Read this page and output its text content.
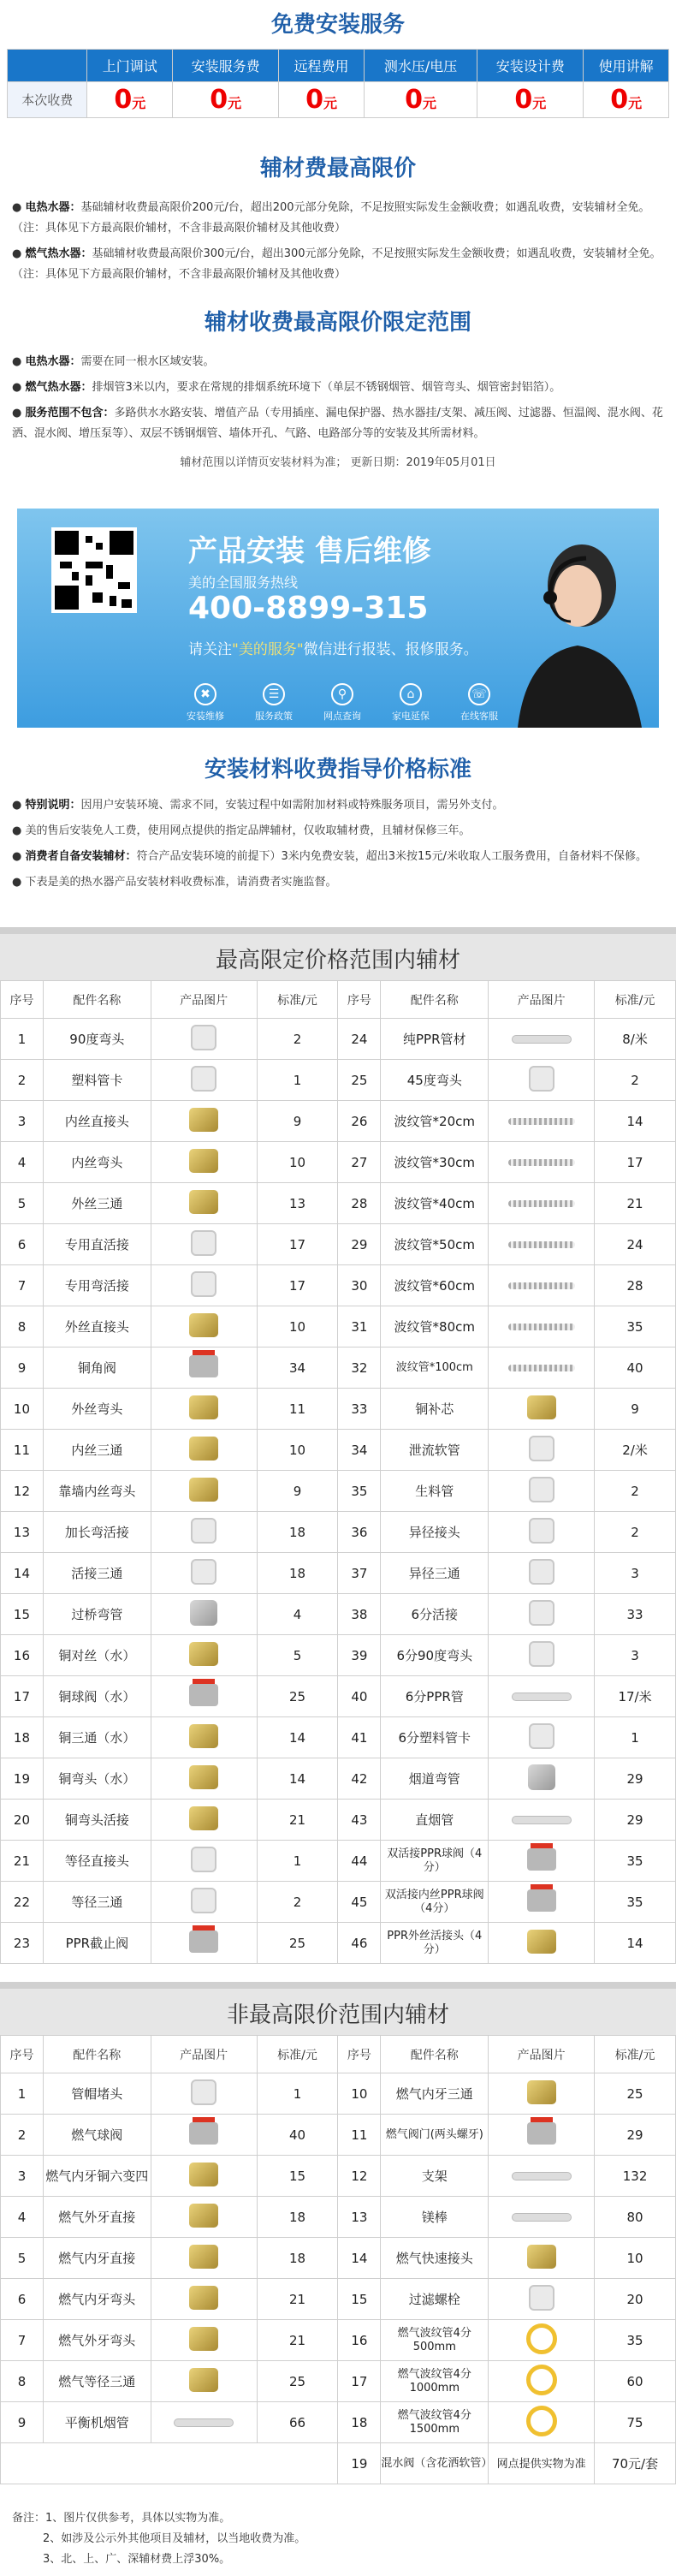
免费安装服务
	上门调试	安装服务费	远程费用	测水压/电压	安装设计费	使用讲解
本次收费	0元	0元	0元	0元	0元	0元
辅材费最高限价

● 电热水器：基础辅材收费最高限价200元/台，超出200元部分免除，不足按照实际发生金额收费；如遇乱收费，安装辅材全免。（注：具体见下方最高限价辅材，不含非最高限价辅材及其他收费）

● 燃气热水器：基础辅材收费最高限价300元/台，超出300元部分免除，不足按照实际发生金额收费；如遇乱收费，安装辅材全免。（注：具体见下方最高限价辅材，不含非最高限价辅材及其他收费）

辅材收费最高限价限定范围

● 电热水器：需要在同一根水区域安装。

● 燃气热水器：排烟管3米以内，要求在常规的排烟系统环境下（单层不锈钢烟管、烟管弯头、烟管密封铝箔）。

● 服务范围不包含：多路供水水路安装、增值产品（专用插座、漏电保护器、热水器挂/支架、减压阀、过滤器、恒温阀、混水阀、花洒、混水阀、增压泵等）、双层不锈钢烟管、墙体开孔、气路、电路部分等的安装及其所需材料。

辅材范围以详情页安装材料为准； 更新日期：2019年05月01日
产品安装 售后维修
美的全国服务热线
400-8899-315
请关注"美的服务"微信进行报装、报修服务。
✖
安装维修
☰
服务政策
⚲
网点查询
⌂
家电延保
☏
在线客服
安装材料收费指导价格标准

● 特别说明：因用户安装环境、需求不同，安装过程中如需附加材料或特殊服务项目，需另外支付。

● 美的售后安装免人工费，使用网点提供的指定品牌辅材，仅收取辅材费，且辅材保修三年。

● 消费者自备安装辅材：符合产品安装环境的前提下）3米内免费安装，超出3米按15元/米收取人工服务费用，自备材料不保修。

● 下表是美的热水器产品安装材料收费标准，请消费者实施监督。

最高限定价格范围内辅材
序号	配件名称	产品图片	标准/元	序号	配件名称	产品图片	标准/元
1	90度弯头		2	24	纯PPR管材		8/米
2	塑料管卡		1	25	45度弯头		2
3	内丝直接头		9	26	波纹管*20cm		14
4	内丝弯头		10	27	波纹管*30cm		17
5	外丝三通		13	28	波纹管*40cm		21
6	专用直活接		17	29	波纹管*50cm		24
7	专用弯活接		17	30	波纹管*60cm		28
8	外丝直接头		10	31	波纹管*80cm		35
9	铜角阀		34	32	波纹管*100cm		40
10	外丝弯头		11	33	铜补芯		9
11	内丝三通		10	34	泄流软管		2/米
12	靠墙内丝弯头		9	35	生料管		2
13	加长弯活接		18	36	异径接头		2
14	活接三通		18	37	异径三通		3
15	过桥弯管		4	38	6分活接		33
16	铜对丝（水）		5	39	6分90度弯头		3
17	铜球阀（水）		25	40	6分PPR管		17/米
18	铜三通（水）		14	41	6分塑料管卡		1
19	铜弯头（水）		14	42	烟道弯管		29
20	铜弯头活接		21	43	直烟管		29
21	等径直接头		1	44	双活接PPR球阀（4分）		35
22	等径三通		2	45	双活接内丝PPR球阀（4分）		35
23	PPR截止阀		25	46	PPR外丝活接头（4分）		14
非最高限价范围内辅材
序号	配件名称	产品图片	标准/元	序号	配件名称	产品图片	标准/元
1	管帽堵头		1	10	燃气内牙三通		25
2	燃气球阀		40	11	燃气阀门(两头螺牙)		29
3	燃气内牙铜六变四		15	12	支架		132
4	燃气外牙直接		18	13	镁棒		80
5	燃气内牙直接		18	14	燃气快速接头		10
6	燃气内牙弯头		21	15	过滤螺栓		20
7	燃气外牙弯头		21	16	燃气波纹管4分 500mm		35
8	燃气等径三通		25	17	燃气波纹管4分 1000mm		60
9	平衡机烟管		66	18	燃气波纹管4分 1500mm		75
				19	混水阀（含花洒软管）	网点提供实物为准	70元/套
备注：1、图片仅供参考，具体以实物为准。
2、如涉及公示外其他项目及辅材，以当地收费为准。
3、北、上、广、深辅材费上浮30%。
